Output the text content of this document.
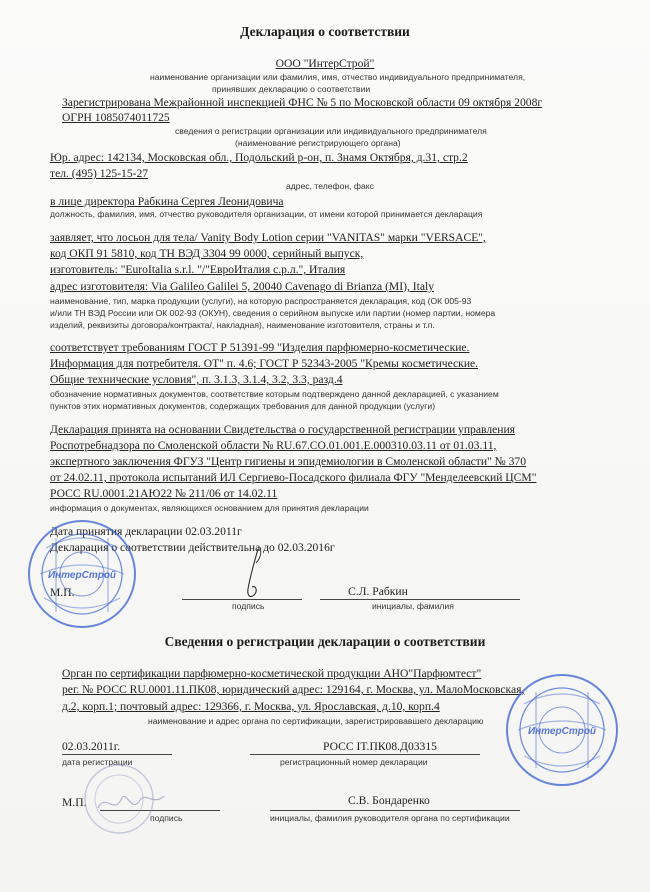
Декларация о соответствии
ООО "ИнтерСтрой"
наименование организации или фамилия, имя, отчество индивидуального предпринимателя,
принявших декларацию о соответствии
Зарегистрирована Межрайонной инспекцией ФНС № 5 по Московской области 09 октября 2008г
ОГРН 1085074011725
сведения о регистрации организации или индивидуального предпринимателя
(наименование регистрирующего органа)
Юр. адрес: 142134, Московская обл., Подольский р-он, п. Знамя Октября, д.31, стр.2
тел. (495) 125-15-27
адрес, телефон, факс
в лице директора Рабкина Сергея Леонидовича
должность, фамилия, имя, отчество руководителя организации, от имени которой принимается декларация
заявляет, что лосьон для тела/ Vanity Body Lotion серии "VANITAS" марки "VERSACE",
код ОКП 91 5810, код ТН ВЭД 3304 99 0000, серийный выпуск,
изготовитель: "EuroItalia s.r.l. "/"ЕвроИталия с.р.л.", Италия
адрес изготовителя: Via Galileo Galilei 5, 20040 Cavenago di Brianza (MI), Italy
наименование, тип, марка продукции (услуги), на которую распространяется декларация, код (ОК 005-93
и/или ТН ВЭД России или ОК 002-93 (ОКУН), сведения о серийном выпуске или партии (номер партии, номера
изделий, реквизиты договора/контракта/, накладная), наименование изготовителя, страны и т.п.
соответствует требованиям ГОСТ Р 51391-99 "Изделия парфюмерно-косметические.
Информация для потребителя. ОТ" п. 4.6; ГОСТ Р 52343-2005 "Кремы косметические.
Общие технические условия", п. 3.1.3, 3.1.4, 3.2, 3.3, разд.4
обозначение нормативных документов, соответствие которым подтверждено данной декларацией, с указанием
пунктов этих нормативных документов, содержащих требования для данной продукции (услуги)
Декларация принята на основании Свидетельства о государственной регистрации управления
Роспотребнадзора по Смоленской области № RU.67.CO.01.001.E.000310.03.11 от 01.03.11,
экспертного заключения ФГУЗ "Центр гигиены и эпидемиологии в Смоленской области" № 370
от 24.02.11, протокола испытаний ИЛ Сергиево-Посадского филиала ФГУ "Менделеевский ЦСМ"
РОСС RU.0001.21АЮ22 № 211/06 от 14.02.11
информация о документах, являющихся основанием для принятия декларации
Дата принятия декларации 02.03.2011г
Декларация о соответствии действительна до 02.03.2016г
М.П.	С.Л. Рабкин
подпись	инициалы, фамилия
Сведения о регистрации декларации о соответствии
Орган по сертификации парфюмерно-косметической продукции АНО"Парфюмтест"
рег. № РОСС RU.0001.11.ПК08, юридический адрес: 129164, г. Москва, ул. МалоМосковская,
д.2, корп.1; почтовый адрес: 129366, г. Москва, ул. Ярославская, д.10, корп.4
наименование и адрес органа по сертификации, зарегистрировавшего декларацию
02.03.2011г.	РОСС IT.ПК08.Д03315
дата регистрации	регистрационный номер декларации
М.П.	С.В. Бондаренко
подпись	инициалы, фамилия руководителя органа по сертификации
ИнтерСтрой
ИнтерСтрой
